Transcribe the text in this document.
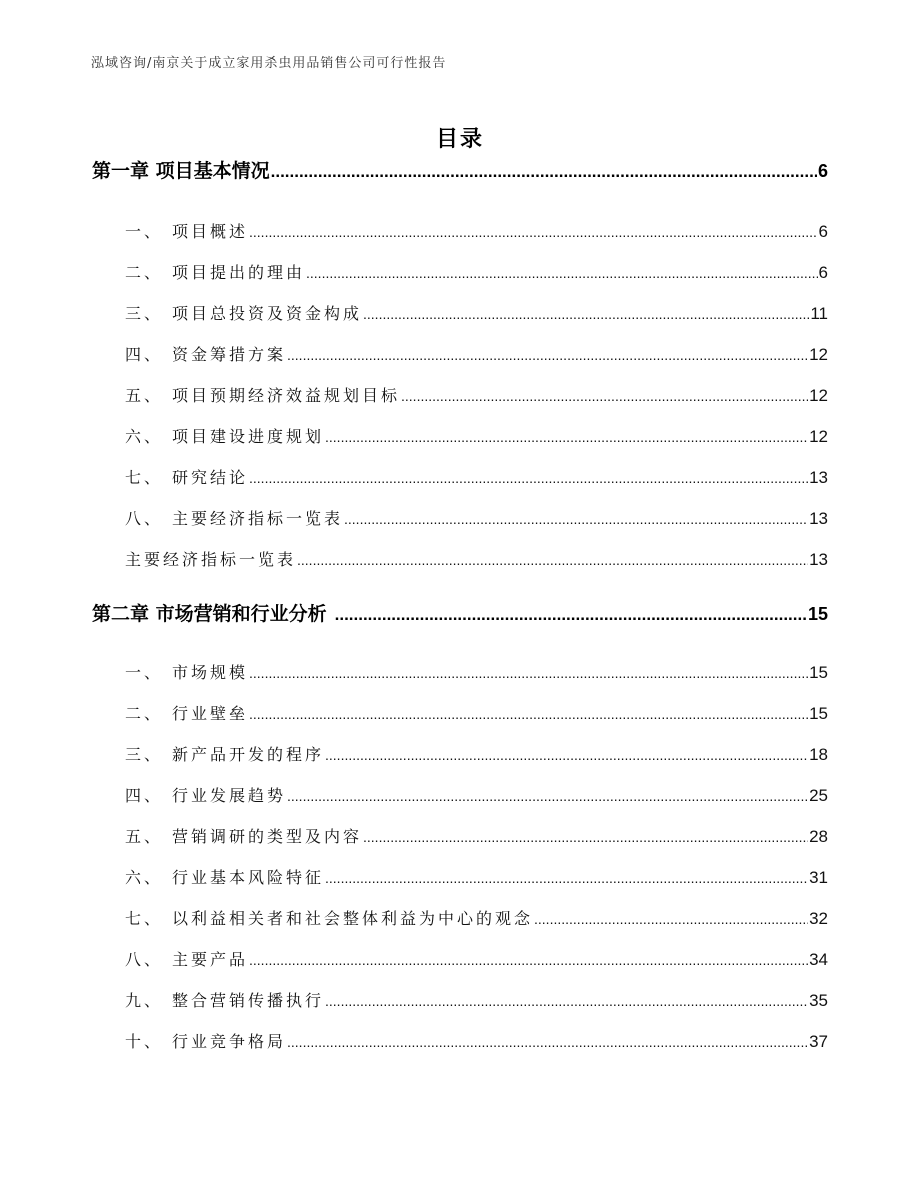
泓域咨询/南京关于成立家用杀虫用品销售公司可行性报告
目录
第一章 项目基本情况 .....	6
一、 项目概述 .....	6
二、 项目提出的理由 .....	6
三、 项目总投资及资金构成 .....	11
四、 资金筹措方案 .....	12
五、 项目预期经济效益规划目标 .....	12
六、 项目建设进度规划 .....	12
七、 研究结论 .....	13
八、 主要经济指标一览表 .....	13
主要经济指标一览表 .....	13
第二章 市场营销和行业分析 .....	15
一、 市场规模 .....	15
二、 行业壁垒 .....	15
三、 新产品开发的程序 .....	18
四、 行业发展趋势 .....	25
五、 营销调研的类型及内容 .....	28
六、 行业基本风险特征 .....	31
七、 以利益相关者和社会整体利益为中心的观念 .....	32
八、 主要产品 .....	34
九、 整合营销传播执行 .....	35
十、 行业竞争格局 .....	37
